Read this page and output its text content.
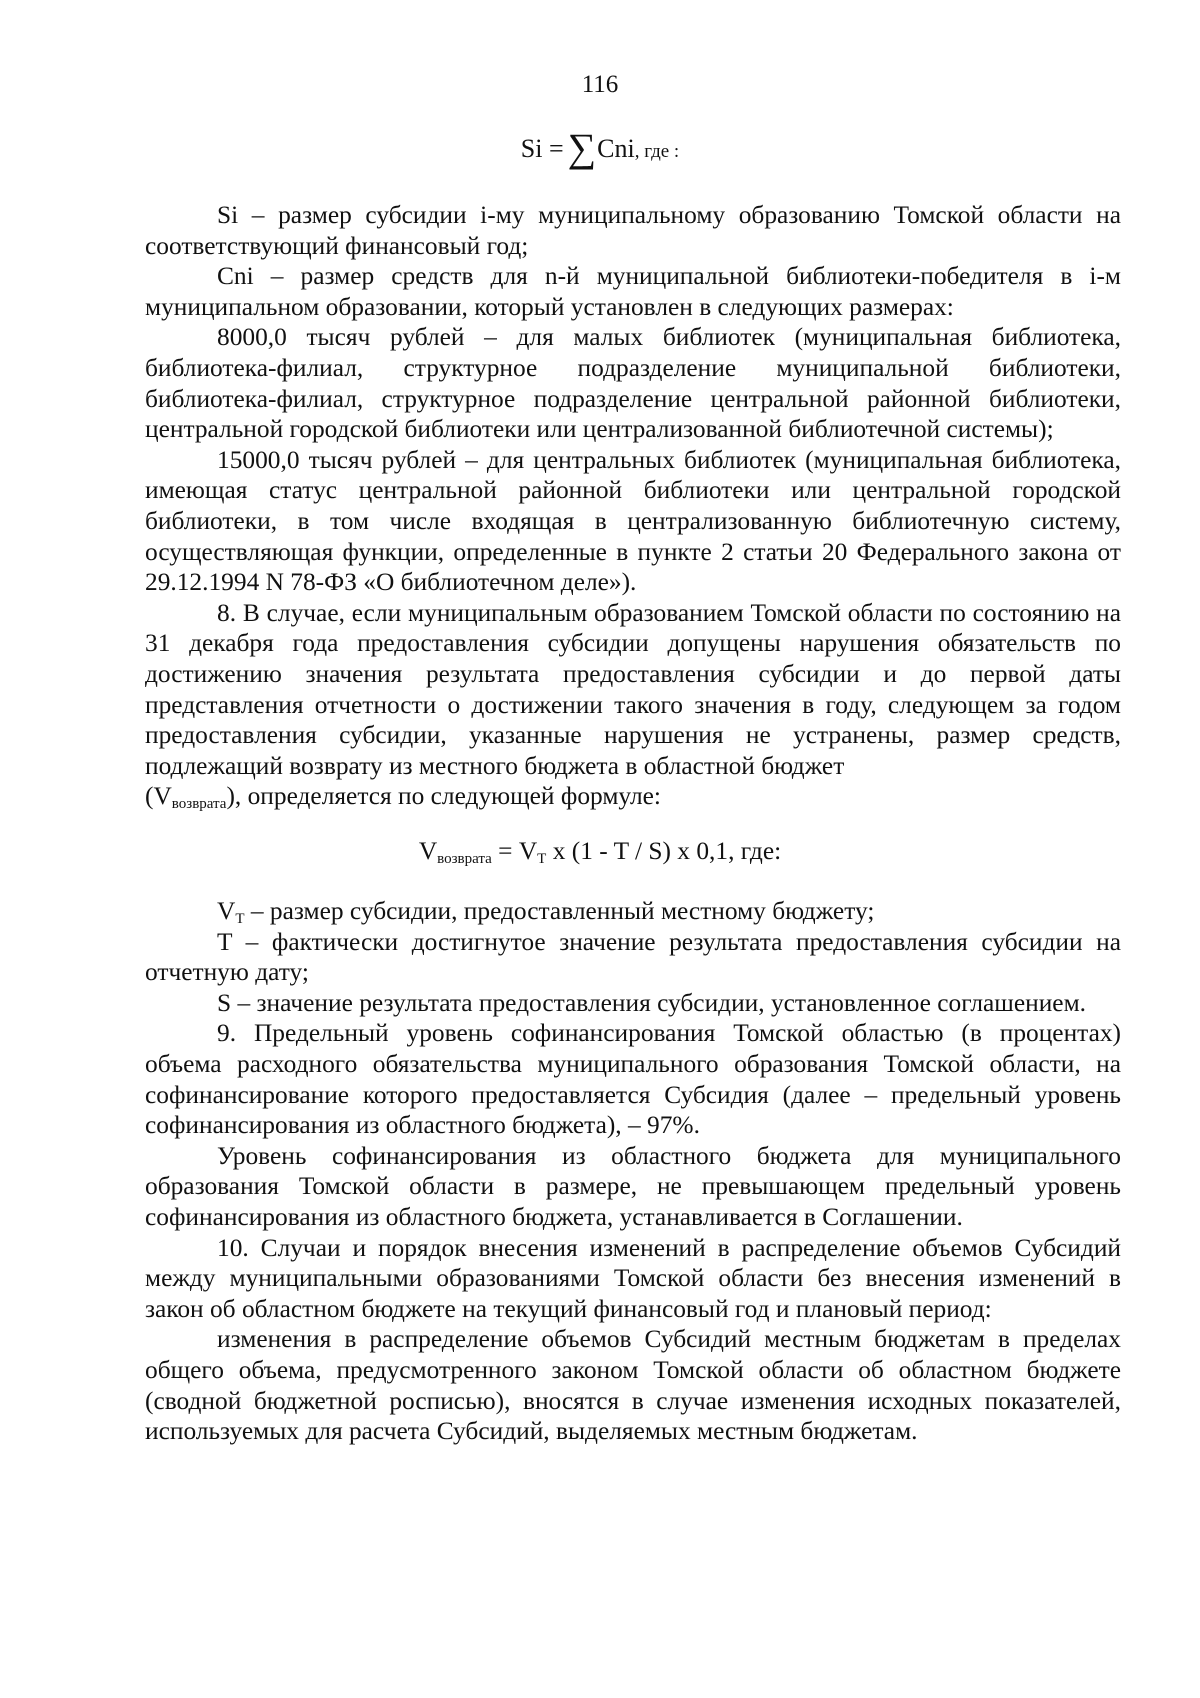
116
Si = ∑Cni, где :

Si – размер субсидии i-му муниципальному образованию Томской области на соответствующий финансовый год;

Cni – размер средств для n-й муниципальной библиотеки-победителя в i-м муниципальном образовании, который установлен в следующих размерах:

8000,0 тысяч рублей – для малых библиотек (муниципальная библиотека, библиотека-филиал, структурное подразделение муниципальной библиотеки, библиотека-филиал, структурное подразделение центральной районной библиотеки, центральной городской библиотеки или централизованной библиотечной системы);

15000,0 тысяч рублей – для центральных библиотек (муниципальная библиотека, имеющая статус центральной районной библиотеки или центральной городской библиотеки, в том числе входящая в централизованную библиотечную систему, осуществляющая функции, определенные в пункте 2 статьи 20 Федерального закона от 29.12.1994 N 78-ФЗ «О библиотечном деле»).

8. В случае, если муниципальным образованием Томской области по состоянию на 31 декабря года предоставления субсидии допущены нарушения обязательств по достижению значения результата предоставления субсидии и до первой даты представления отчетности о достижении такого значения в году, следующем за годом предоставления субсидии, указанные нарушения не устранены, размер средств, подлежащий возврату из местного бюджета в областной бюджет

$(V_{возврата})$, определяется по следующей формуле:

$V_{возврата} = V_T$ x (1 - T / S) x 0,1, где:

$V_T$ – размер субсидии, предоставленный местному бюджету;

T – фактически достигнутое значение результата предоставления субсидии на отчетную дату;

S – значение результата предоставления субсидии, установленное соглашением.

9. Предельный уровень софинансирования Томской областью (в процентах) объема расходного обязательства муниципального образования Томской области, на софинансирование которого предоставляется Субсидия (далее – предельный уровень софинансирования из областного бюджета), – 97%.

Уровень софинансирования из областного бюджета для муниципального образования Томской области в размере, не превышающем предельный уровень софинансирования из областного бюджета, устанавливается в Соглашении.

10. Случаи и порядок внесения изменений в распределение объемов Субсидий между муниципальными образованиями Томской области без внесения изменений в закон об областном бюджете на текущий финансовый год и плановый период:

изменения в распределение объемов Субсидий местным бюджетам в пределах общего объема, предусмотренного законом Томской области об областном бюджете (сводной бюджетной росписью), вносятся в случае изменения исходных показателей, используемых для расчета Субсидий, выделяемых местным бюджетам.
